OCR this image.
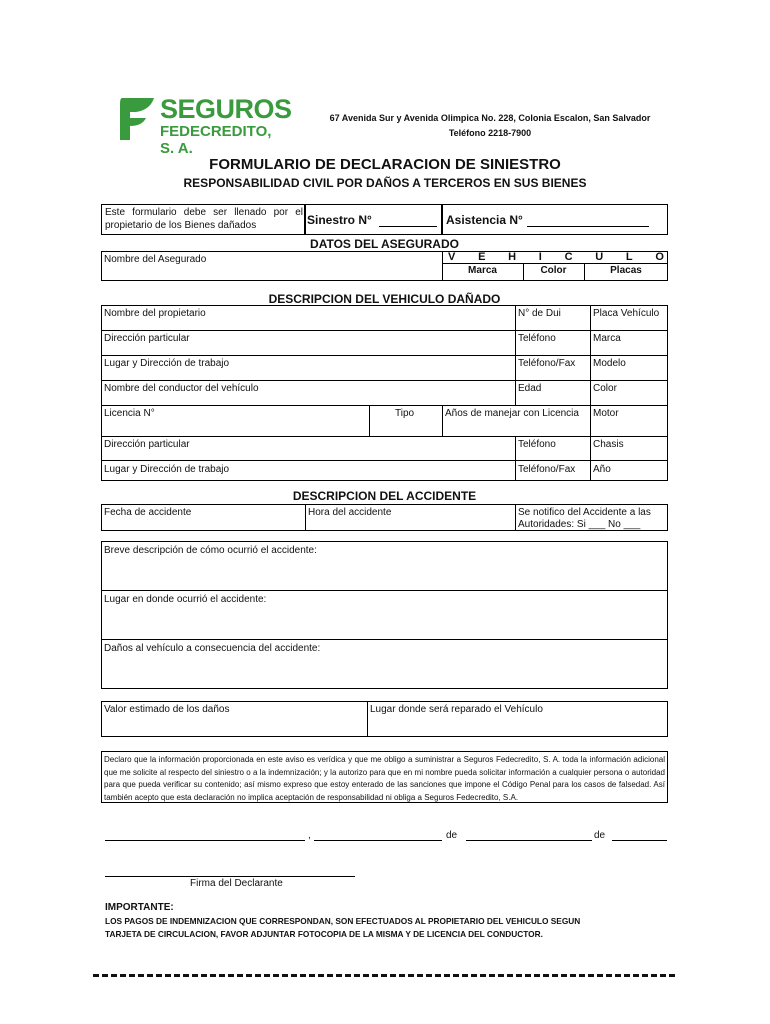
SEGUROS
FEDECREDITO, S. A.
67 Avenida Sur y Avenida Olimpica No. 228, Colonia Escalon, San Salvador
Teléfono 2218-7900
FORMULARIO DE DECLARACION DE SINIESTRO
RESPONSABILIDAD CIVIL POR DAÑOS A TERCEROS EN SUS BIENES
Este formulario debe ser llenado por el propietario de los Bienes dañados	Sinestro N°	Asistencia N°
DATOS DEL ASEGURADO
Nombre del Asegurado	V E H I C U L O
Marca	Color	Placas
DESCRIPCION DEL VEHICULO DAÑADO
Nombre del propietario	N° de Dui	Placa Vehículo
Dirección particular	Teléfono	Marca
Lugar y Dirección de trabajo	Teléfono/Fax	Modelo
Nombre del conductor del vehículo	Edad	Color
Licencia N°	Tipo	Años de manejar con Licencia	Motor
Dirección particular	Teléfono	Chasis
Lugar y Dirección de trabajo	Teléfono/Fax	Año
DESCRIPCION DEL ACCIDENTE
Fecha de accidente	Hora del accidente	Se notifico del Accidente a las
Autoridades: Si ___ No ___
Breve descripción de cómo ocurrió el accidente:
Lugar en donde ocurrió el accidente:
Daños al vehículo a consecuencia del accidente:
Valor estimado de los daños	Lugar donde será reparado el Vehículo
Declaro que la información proporcionada en este aviso es verídica y que me obligo a suministrar a Seguros Fedecredito, S. A. toda la información adicional que me solicite al respecto del siniestro o a la indemnización; y la autorizo para que en mi nombre pueda solicitar información a cualquier persona o autoridad para que pueda verificar su contenido; así mismo expreso que estoy enterado de las sanciones que impone el Código Penal para los casos de falsedad. Así también acepto que esta declaración no implica aceptación de responsabilidad ni obliga a Seguros Fedecredito, S.A.
,	de	de
Firma del Declarante
IMPORTANTE:
LOS PAGOS DE INDEMNIZACION QUE CORRESPONDAN, SON EFECTUADOS AL PROPIETARIO DEL VEHICULO SEGUN
TARJETA DE CIRCULACION, FAVOR ADJUNTAR FOTOCOPIA DE LA MISMA Y DE LICENCIA DEL CONDUCTOR.
